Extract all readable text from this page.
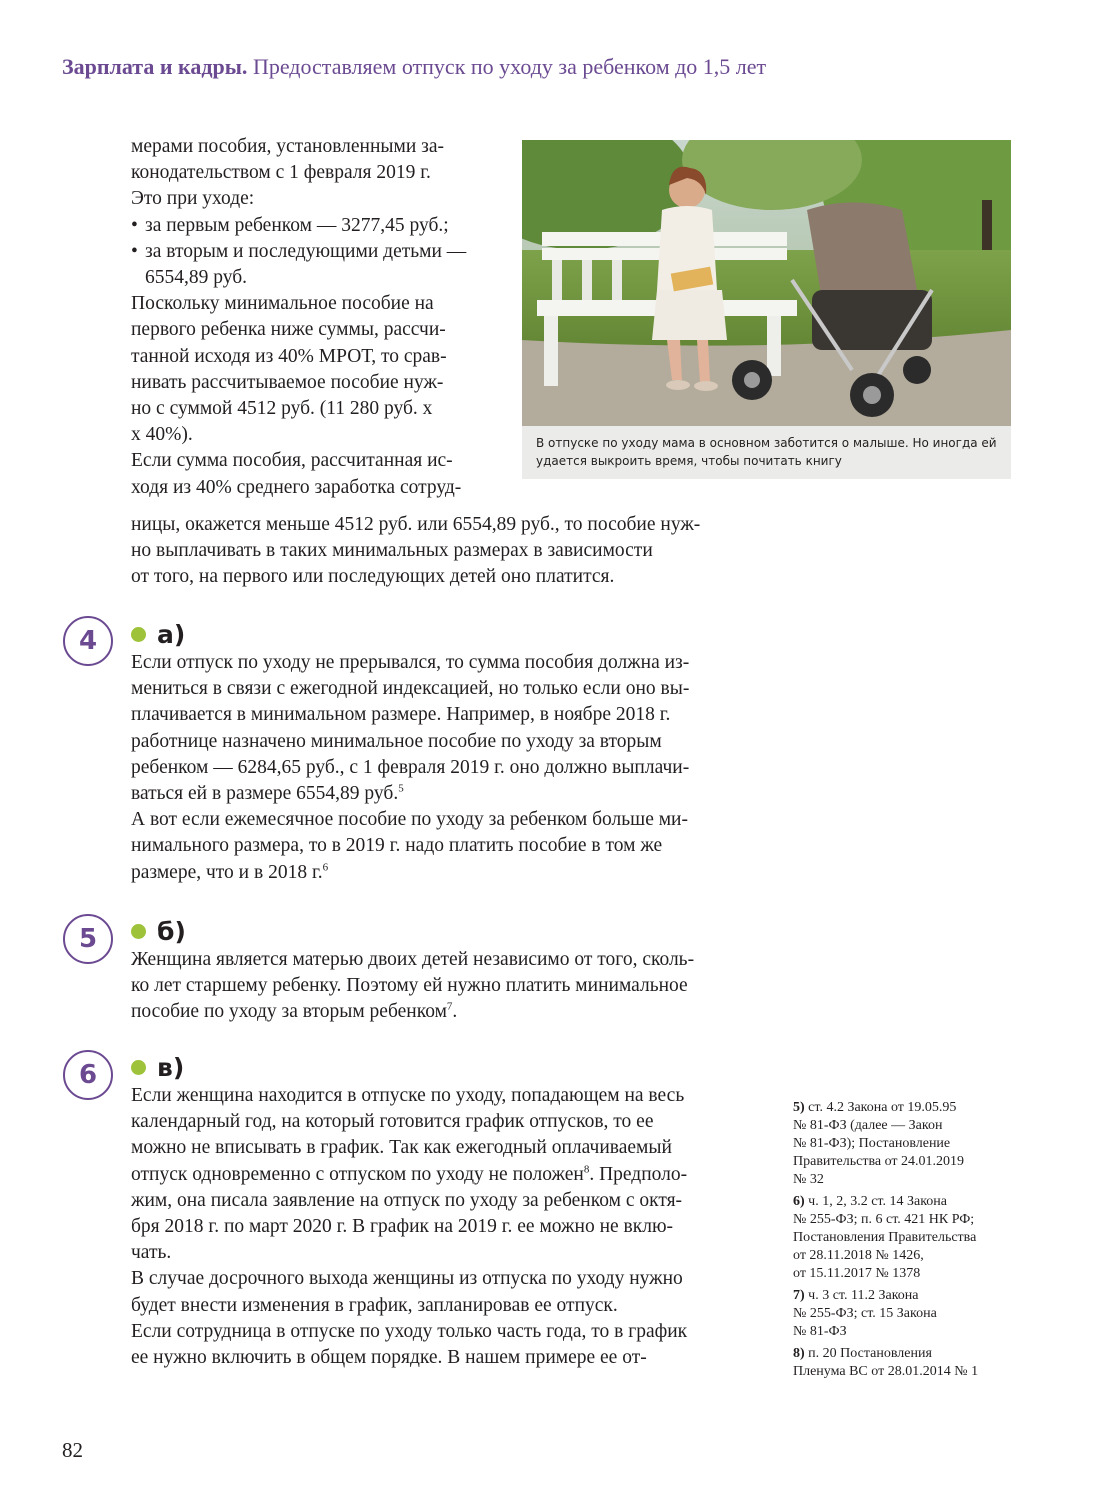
Зарплата и кадры. Предоставляем отпуск по уходу за ребенком до 1,5 лет
мерами пособия, установленными за-
конодательством с 1 февраля 2019 г.
Это при уходе:
• за первым ребенком — 3277,45 руб.;
• за вторым и последующими детьми —
6554,89 руб.
Поскольку минимальное пособие на
первого ребенка ниже суммы, рассчи-
танной исходя из 40% МРОТ, то срав-
нивать рассчитываемое пособие нуж-
но с суммой 4512 руб. (11 280 руб. х
х 40%).
Если сумма пособия, рассчитанная ис-
ходя из 40% среднего заработка сотруд-
ницы, окажется меньше 4512 руб. или 6554,89 руб., то пособие нуж-
но выплачивать в таких минимальных размерах в зависимости
от того, на первого или последующих детей оно платится.
В отпуске по уходу мама в основном заботится о малыше. Но иногда ей
удается выкроить время, чтобы почитать книгу
4	а)
Если отпуск по уходу не прерывался, то сумма пособия должна из-
мениться в связи с ежегодной индексацией, но только если оно вы-
плачивается в минимальном размере. Например, в ноябре 2018 г.
работнице назначено минимальное пособие по уходу за вторым
ребенком — 6284,65 руб., с 1 февраля 2019 г. оно должно выплачи-
ваться ей в размере 6554,89 руб.$^5$
А вот если ежемесячное пособие по уходу за ребенком больше ми-
нимального размера, то в 2019 г. надо платить пособие в том же
размере, что и в 2018 г.$^6$
5	б)
Женщина является матерью двоих детей независимо от того, сколь-
ко лет старшему ребенку. Поэтому ей нужно платить минимальное
пособие по уходу за вторым ребенком$^7$.
6	в)
Если женщина находится в отпуске по уходу, попадающем на весь
календарный год, на который готовится график отпусков, то ее
можно не вписывать в график. Так как ежегодный оплачиваемый
отпуск одновременно с отпуском по уходу не положен$^8$. Предполо-
жим, она писала заявление на отпуск по уходу за ребенком с октя-
бря 2018 г. по март 2020 г. В график на 2019 г. ее можно не вклю-
чать.
В случае досрочного выхода женщины из отпуска по уходу нужно
будет внести изменения в график, запланировав ее отпуск.
Если сотрудница в отпуске по уходу только часть года, то в график
ее нужно включить в общем порядке. В нашем примере ее от-

5) ст. 4.2 Закона от 19.05.95
№ 81-ФЗ (далее — Закон
№ 81-ФЗ); Постановление
Правительства от 24.01.2019
№ 32

6) ч. 1, 2, 3.2 ст. 14 Закона
№ 255-ФЗ; п. 6 ст. 421 НК РФ;
Постановления Правительства
от 28.11.2018 № 1426,
от 15.11.2017 № 1378

7) ч. 3 ст. 11.2 Закона
№ 255-ФЗ; ст. 15 Закона
№ 81-ФЗ

8) п. 20 Постановления
Пленума ВС от 28.01.2014 № 1

82
